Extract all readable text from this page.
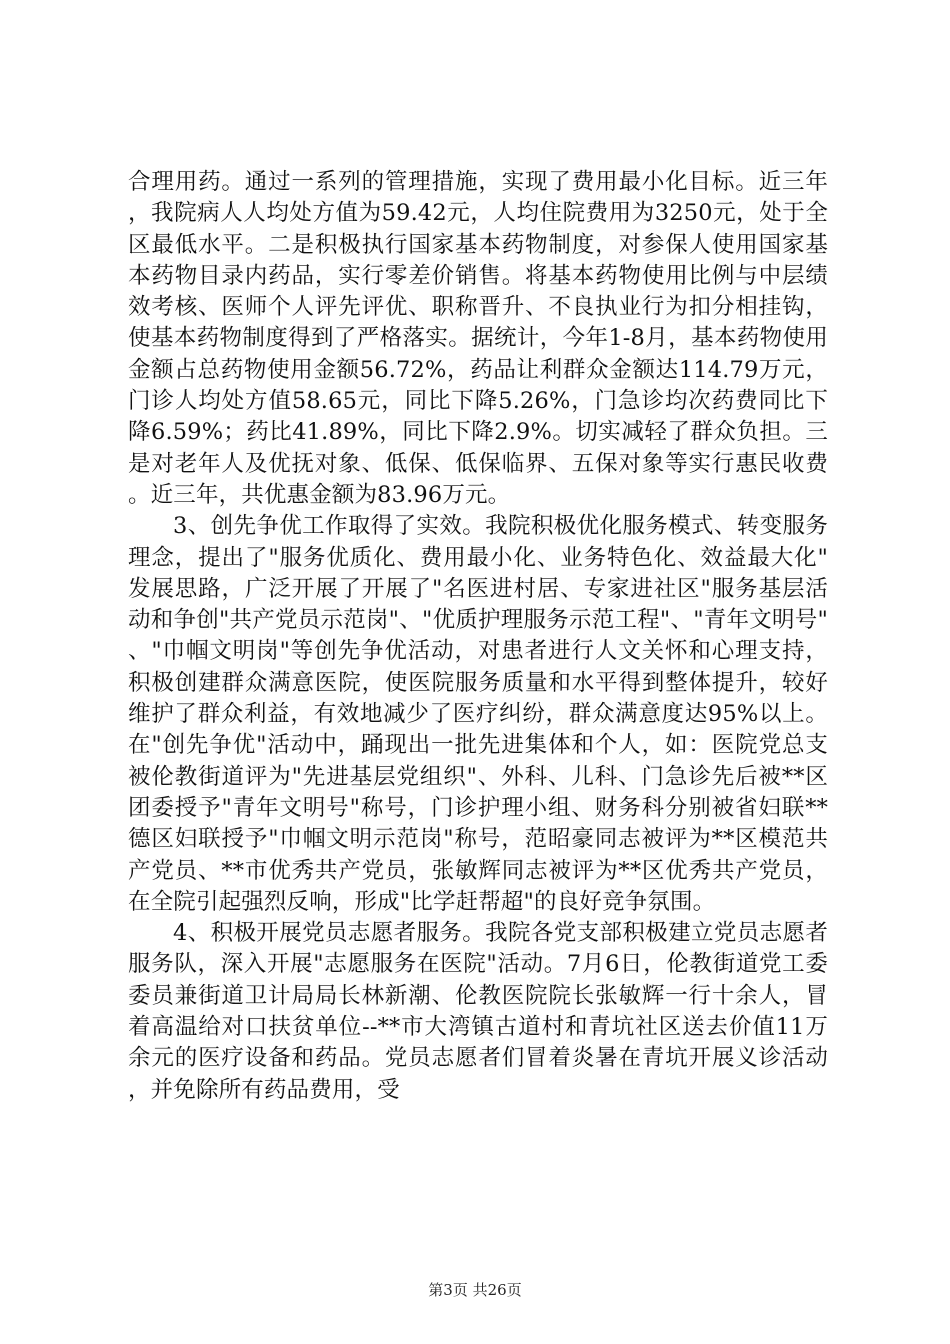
合理用药。通过一系列的管理措施，实现了费用最小化目标。近三年，我院病人人均处方值为59.42元，人均住院费用为3250元，处于全区最低水平。二是积极执行国家基本药物制度，对参保人使用国家基本药物目录内药品，实行零差价销售。将基本药物使用比例与中层绩效考核、医师个人评先评优、职称晋升、不良执业行为扣分相挂钩，使基本药物制度得到了严格落实。据统计，今年1-8月，基本药物使用金额占总药物使用金额56.72%，药品让利群众金额达114.79万元，门诊人均处方值58.65元，同比下降5.26%，门急诊均次药费同比下降6.59%；药比41.89%，同比下降2.9%。切实减轻了群众负担。三是对老年人及优抚对象、低保、低保临界、五保对象等实行惠民收费。近三年，共优惠金额为83.96万元。

3、创先争优工作取得了实效。我院积极优化服务模式、转变服务理念，提出了"服务优质化、费用最小化、业务特色化、效益最大化"发展思路，广泛开展了开展了"名医进村居、专家进社区"服务基层活动和争创"共产党员示范岗"、"优质护理服务示范工程"、"青年文明号"、"巾帼文明岗"等创先争优活动，对患者进行人文关怀和心理支持，积极创建群众满意医院，使医院服务质量和水平得到整体提升，较好维护了群众利益，有效地减少了医疗纠纷，群众满意度达95%以上。在"创先争优"活动中，踊现出一批先进集体和个人，如：医院党总支被伦教街道评为"先进基层党组织"、外科、儿科、门急诊先后被**区团委授予"青年文明号"称号，门诊护理小组、财务科分别被省妇联**德区妇联授予"巾帼文明示范岗"称号，范昭豪同志被评为**区模范共产党员、**市优秀共产党员，张敏辉同志被评为**区优秀共产党员，在全院引起强烈反响，形成"比学赶帮超"的良好竞争氛围。

4、积极开展党员志愿者服务。我院各党支部积极建立党员志愿者服务队，深入开展"志愿服务在医院"活动。7月6日，伦教街道党工委委员兼街道卫计局局长林新潮、伦教医院院长张敏辉一行十余人，冒着高温给对口扶贫单位--**市大湾镇古道村和青坑社区送去价值11万余元的医疗设备和药品。党员志愿者们冒着炎暑在青坑开展义诊活动，并免除所有药品费用，受

第3页 共26页
